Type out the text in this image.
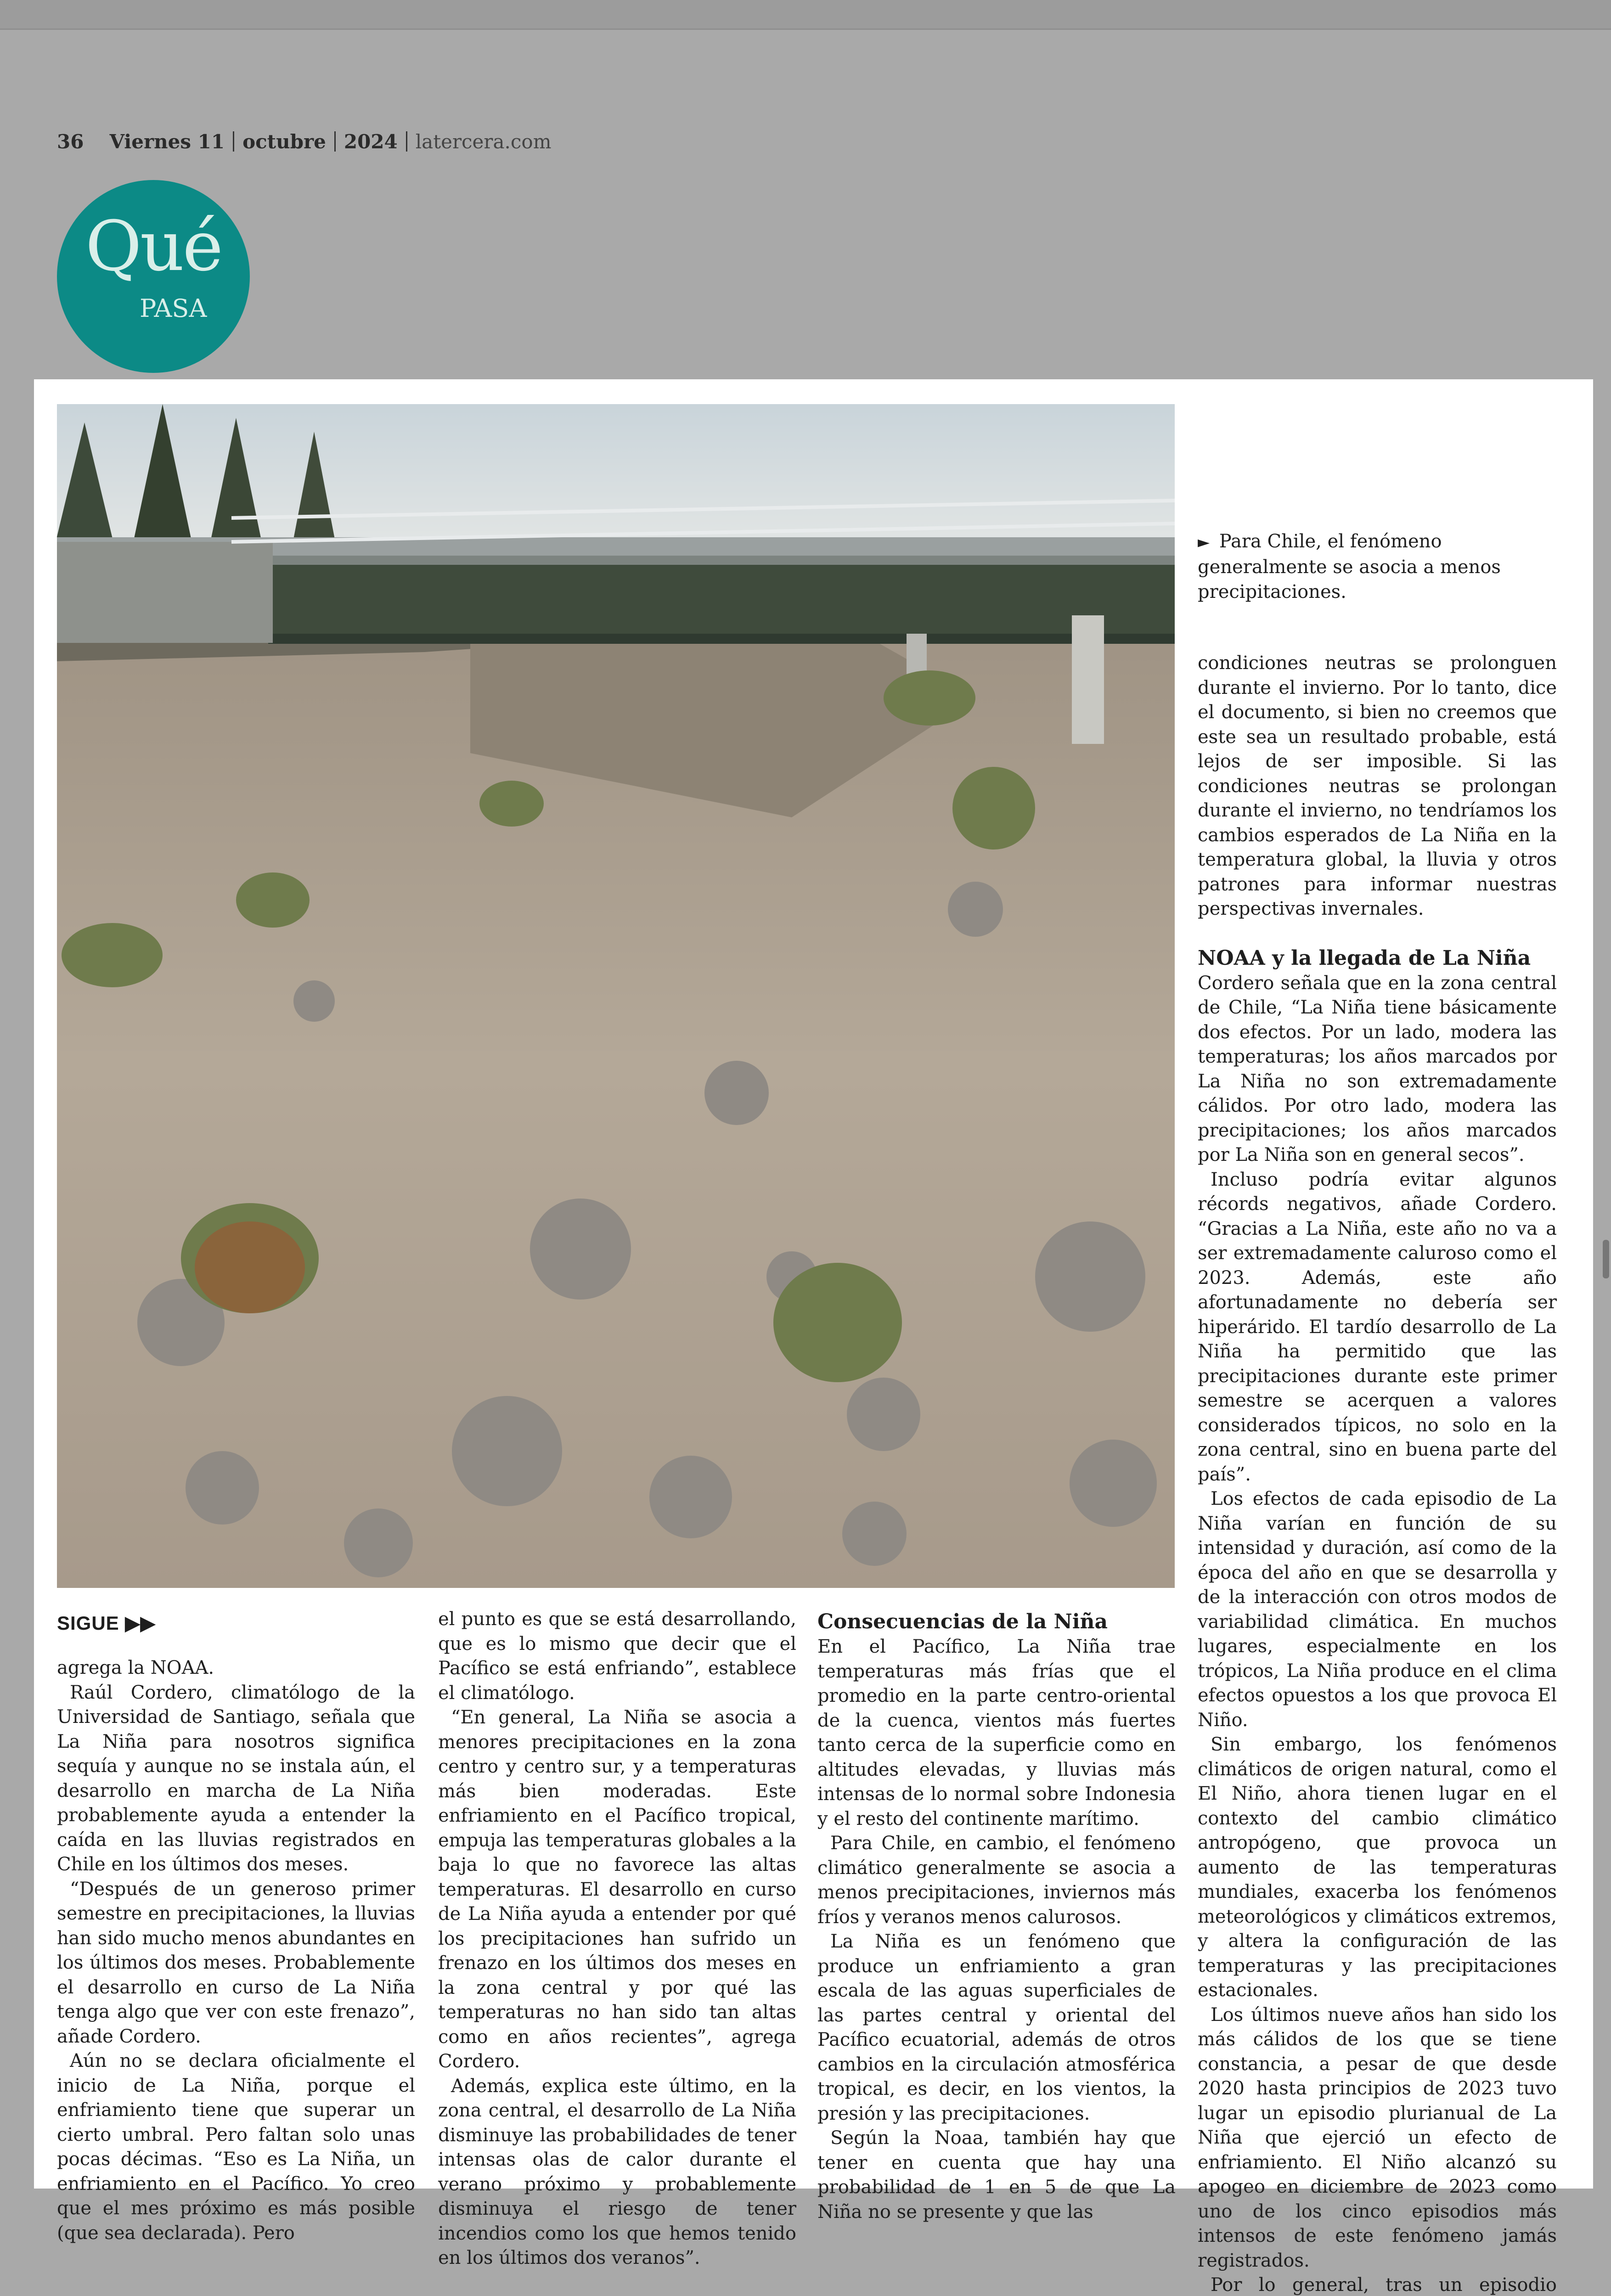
36 Viernes 11 octubre 2024 latercera.com
Qué
PASA
► Para Chile, el fenómeno generalmente se asocia a menos precipitaciones.
SIGUE ▶▶

agrega la NOAA.

Raúl Cordero, climatólogo de la Universidad de Santiago, señala que La Niña para nosotros significa sequía y aunque no se instala aún, el desarrollo en marcha de La Niña probablemente ayuda a entender la caída en las lluvias registrados en Chile en los últimos dos meses.

“Después de un generoso primer semestre en precipitaciones, la lluvias han sido mucho menos abundantes en los últimos dos meses. Probablemente el desarrollo en curso de La Niña tenga algo que ver con este frenazo”, añade Cordero.

Aún no se declara oficialmente el inicio de La Niña, porque el enfriamiento tiene que superar un cierto umbral. Pero faltan solo unas pocas décimas. “Eso es La Niña, un enfriamiento en el Pacífico. Yo creo que el mes próximo es más posible (que sea declarada). Pero

el punto es que se está desarrollando, que es lo mismo que decir que el Pacífico se está enfriando”, establece el climatólogo.

“En general, La Niña se asocia a menores precipitaciones en la zona centro y centro sur, y a temperaturas más bien moderadas. Este enfriamiento en el Pacífico tropical, empuja las temperaturas globales a la baja lo que no favorece las altas temperaturas. El desarrollo en curso de La Niña ayuda a entender por qué los precipitaciones han sufrido un frenazo en los últimos dos meses en la zona central y por qué las temperaturas no han sido tan altas como en años recientes”, agrega Cordero.

Además, explica este último, en la zona central, el desarrollo de La Niña disminuye las probabilidades de tener intensas olas de calor durante el verano próximo y probablemente disminuya el riesgo de tener incendios como los que hemos tenido en los últimos dos veranos”.

Consecuencias de la Niña

En el Pacífico, La Niña trae temperaturas más frías que el promedio en la parte centro-oriental de la cuenca, vientos más fuertes tanto cerca de la superficie como en altitudes elevadas, y lluvias más intensas de lo normal sobre Indonesia y el resto del continente marítimo.

Para Chile, en cambio, el fenómeno climático generalmente se asocia a menos precipitaciones, inviernos más fríos y veranos menos calurosos.

La Niña es un fenómeno que produce un enfriamiento a gran escala de las aguas superficiales de las partes central y oriental del Pacífico ecuatorial, además de otros cambios en la circulación atmosférica tropical, es decir, en los vientos, la presión y las precipitaciones.

Según la Noaa, también hay que tener en cuenta que hay una probabilidad de 1 en 5 de que La Niña no se presente y que las

condiciones neutras se prolonguen durante el invierno. Por lo tanto, dice el documento, si bien no creemos que este sea un resultado probable, está lejos de ser imposible. Si las condiciones neutras se prolongan durante el invierno, no tendríamos los cambios esperados de La Niña en la temperatura global, la lluvia y otros patrones para informar nuestras perspectivas invernales.

NOAA y la llegada de La Niña

Cordero señala que en la zona central de Chile, “La Niña tiene básicamente dos efectos. Por un lado, modera las temperaturas; los años marcados por La Niña no son extremadamente cálidos. Por otro lado, modera las precipitaciones; los años marcados por La Niña son en general secos”.

Incluso podría evitar algunos récords negativos, añade Cordero. “Gracias a La Niña, este año no va a ser extremadamente caluroso como el 2023. Además, este año afortunadamente no debería ser hiperárido. El tardío desarrollo de La Niña ha permitido que las precipitaciones durante este primer semestre se acerquen a valores considerados típicos, no solo en la zona central, sino en buena parte del país”.

Los efectos de cada episodio de La Niña varían en función de su intensidad y duración, así como de la época del año en que se desarrolla y de la interacción con otros modos de variabilidad climática. En muchos lugares, especialmente en los trópicos, La Niña produce en el clima efectos opuestos a los que provoca El Niño.

Sin embargo, los fenómenos climáticos de origen natural, como el El Niño, ahora tienen lugar en el contexto del cambio climático antropógeno, que provoca un aumento de las temperaturas mundiales, exacerba los fenómenos meteorológicos y climáticos extremos, y altera la configuración de las temperaturas y las precipitaciones estacionales.

Los últimos nueve años han sido los más cálidos de los que se tiene constancia, a pesar de que desde 2020 hasta principios de 2023 tuvo lugar un episodio plurianual de La Niña que ejerció un efecto de enfriamiento. El Niño alcanzó su apogeo en diciembre de 2023 como uno de los cinco episodios más intensos de este fenómeno jamás registrados.

Por lo general, tras un episodio
